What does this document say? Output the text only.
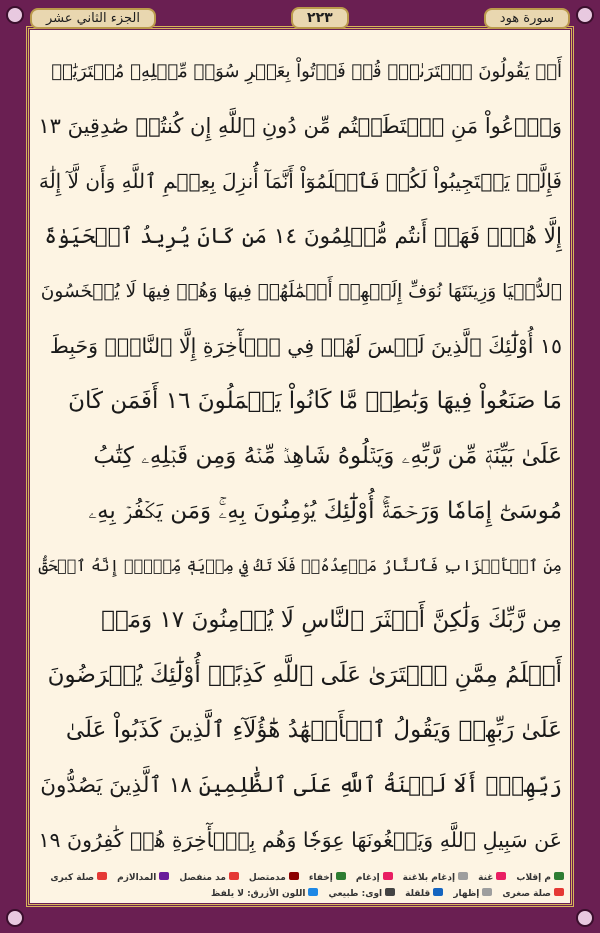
الجزء الثاني عشر	٢٢٣	سورة هود
أَمۡ يَقُولُونَ ٱفۡتَرَىٰهُۖ قُلۡ فَأۡتُواْ بِعَشۡرِ سُوَرٖ مِّثۡلِهِۦ مُفۡتَرَيَٰتٖ
وَٱدۡعُواْ مَنِ ٱسۡتَطَعۡتُم مِّن دُونِ ٱللَّهِ إِن كُنتُمۡ صَٰدِقِينَ ١٣
فَإِلَّمۡ يَسۡتَجِيبُواْ لَكُمۡ فَٱعۡلَمُوٓاْ أَنَّمَآ أُنزِلَ بِعِلۡمِ ٱللَّهِ وَأَن لَّآ إِلَٰهَ
إِلَّا هُوَۖ فَهَلۡ أَنتُم مُّسۡلِمُونَ ١٤ مَن كَانَ يُرِيدُ ٱلۡحَيَوٰةَ
ٱلدُّنۡيَا وَزِينَتَهَا نُوَفِّ إِلَيۡهِمۡ أَعۡمَٰلَهُمۡ فِيهَا وَهُمۡ فِيهَا لَا يُبۡخَسُونَ
١٥ أُوْلَٰٓئِكَ ٱلَّذِينَ لَيۡسَ لَهُمۡ فِي ٱلۡأٓخِرَةِ إِلَّا ٱلنَّارُۖ وَحَبِطَ
مَا صَنَعُواْ فِيهَا وَبَٰطِلٞ مَّا كَانُواْ يَعۡمَلُونَ ١٦ أَفَمَن كَانَ
عَلَىٰ بَيِّنَةٖ مِّن رَّبِّهِۦ وَيَتۡلُوهُ شَاهِدٞ مِّنۡهُ وَمِن قَبۡلِهِۦ كِتَٰبُ
مُوسَىٰٓ إِمَامٗا وَرَحۡمَةًۚ أُوْلَٰٓئِكَ يُؤۡمِنُونَ بِهِۦۚ وَمَن يَكۡفُرۡ بِهِۦ
مِنَ ٱلۡأَحۡزَابِ فَٱلنَّارُ مَوۡعِدُهُۥۚ فَلَا تَكُ فِي مِرۡيَةٖ مِّنۡهُۚ إِنَّهُ ٱلۡحَقُّ
مِن رَّبِّكَ وَلَٰكِنَّ أَكۡثَرَ ٱلنَّاسِ لَا يُؤۡمِنُونَ ١٧ وَمَنۡ
أَظۡلَمُ مِمَّنِ ٱفۡتَرَىٰ عَلَى ٱللَّهِ كَذِبًاۚ أُوْلَٰٓئِكَ يُعۡرَضُونَ
عَلَىٰ رَبِّهِمۡ وَيَقُولُ ٱلۡأَشۡهَٰدُ هَٰٓؤُلَآءِ ٱلَّذِينَ كَذَبُواْ عَلَىٰ
رَبِّهِمۡۚ أَلَا لَعۡنَةُ ٱللَّهِ عَلَى ٱلظَّٰلِمِينَ ١٨ ٱلَّذِينَ يَصُدُّونَ
عَن سَبِيلِ ٱللَّهِ وَيَبۡغُونَهَا عِوَجٗا وَهُم بِٱلۡأٓخِرَةِ هُمۡ كَٰفِرُونَ ١٩
م إقلاب
غنة
إدغام بلاغنة
إدغام
إخفاء
مدمتصل
مد منفصل
المدالازم
صلة كبرى
صلة صغرى
إظهار
قلقلة
اوى: طبيعي
اللون الأزرق: لا يلفظ
